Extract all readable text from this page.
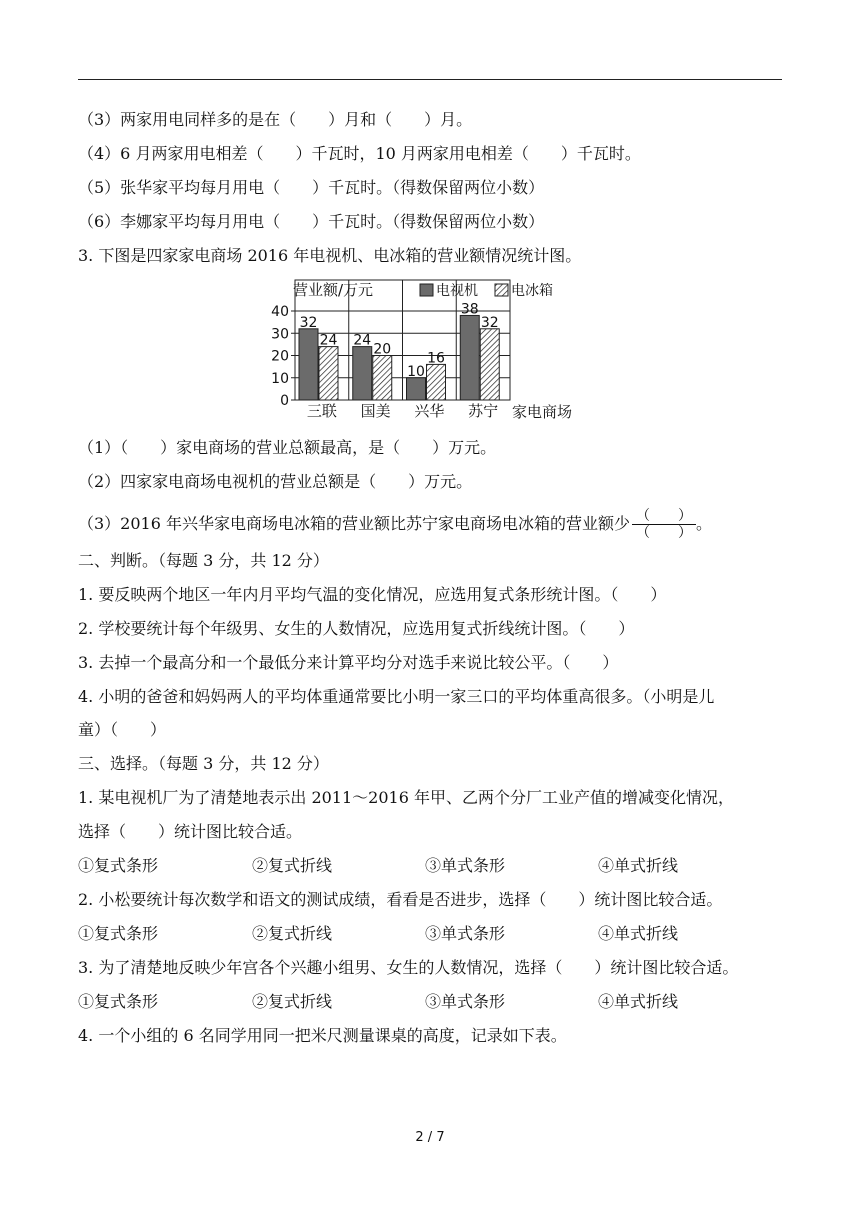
（3）两家用电同样多的是在（　　）月和（　　）月。
（4）6 月两家用电相差（　　）千瓦时，10 月两家用电相差（　　）千瓦时。
（5）张华家平均每月用电（　　）千瓦时。（得数保留两位小数）
（6）李娜家平均每月用电（　　）千瓦时。（得数保留两位小数）
3. 下图是四家家电商场 2016 年电视机、电冰箱的营业额情况统计图。
0
10
20
30
40
营业额/万元	电视机 电冰箱
32
24
三联
24
20
国美
10
16
兴华
38
32
苏宁 家电商场
（1）（　　）家电商场的营业总额最高，是（　　）万元。
（2）四家家电商场电视机的营业总额是（　　）万元。
（3）2016 年兴华家电商场电冰箱的营业额比苏宁家电商场电冰箱的营业额少 $\frac{( )}{( )}$ 。
二、判断。（每题 3 分，共 12 分）
1. 要反映两个地区一年内月平均气温的变化情况，应选用复式条形统计图。（　　）
2. 学校要统计每个年级男、女生的人数情况，应选用复式折线统计图。（　　）
3. 去掉一个最高分和一个最低分来计算平均分对选手来说比较公平。（　　）
4. 小明的爸爸和妈妈两人的平均体重通常要比小明一家三口的平均体重高很多。（小明是儿
童）（　　）
三、选择。（每题 3 分，共 12 分）
1. 某电视机厂为了清楚地表示出 2011～2016 年甲、乙两个分厂工业产值的增减变化情况，
选择（　　）统计图比较合适。
①复式条形	②复式折线	③单式条形	④单式折线
2. 小松要统计每次数学和语文的测试成绩，看看是否进步，选择（　　）统计图比较合适。
①复式条形	②复式折线	③单式条形	④单式折线
3. 为了清楚地反映少年宫各个兴趣小组男、女生的人数情况，选择（　　）统计图比较合适。
①复式条形	②复式折线	③单式条形	④单式折线
4. 一个小组的 6 名同学用同一把米尺测量课桌的高度，记录如下表。
2 / 7
